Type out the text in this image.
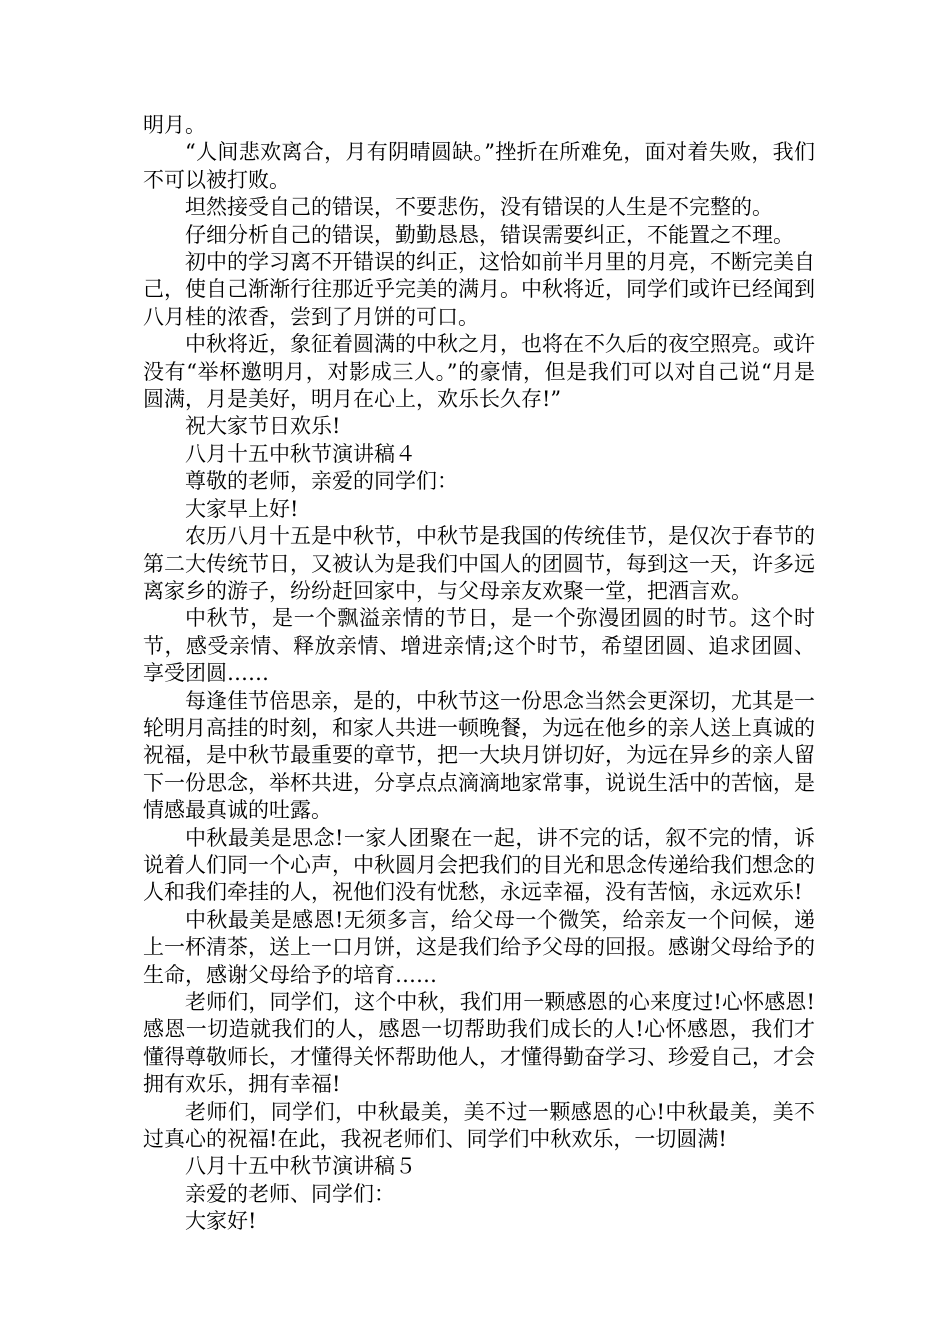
明月。

“人间悲欢离合，月有阴晴圆缺。”挫折在所难免，面对着失败，我们不可以被打败。

坦然接受自己的错误，不要悲伤，没有错误的人生是不完整的。

仔细分析自己的错误，勤勤恳恳，错误需要纠正，不能置之不理。

初中的学习离不开错误的纠正，这恰如前半月里的月亮，不断完美自己，使自己渐渐行往那近乎完美的满月。中秋将近，同学们或许已经闻到八月桂的浓香，尝到了月饼的可口。

中秋将近，象征着圆满的中秋之月，也将在不久后的夜空照亮。或许没有“举杯邀明月，对影成三人。”的豪情，但是我们可以对自己说“月是圆满，月是美好，明月在心上，欢乐长久存!”

祝大家节日欢乐!

八月十五中秋节演讲稿４

尊敬的老师，亲爱的同学们：

大家早上好!

农历八月十五是中秋节，中秋节是我国的传统佳节，是仅次于春节的第二大传统节日，又被认为是我们中国人的团圆节，每到这一天，许多远离家乡的游子，纷纷赶回家中，与父母亲友欢聚一堂，把酒言欢。

中秋节，是一个飘溢亲情的节日，是一个弥漫团圆的时节。这个时节，感受亲情、释放亲情、增进亲情;这个时节，希望团圆、追求团圆、享受团圆……

每逢佳节倍思亲，是的，中秋节这一份思念当然会更深切，尤其是一轮明月高挂的时刻，和家人共进一顿晚餐，为远在他乡的亲人送上真诚的祝福，是中秋节最重要的章节，把一大块月饼切好，为远在异乡的亲人留下一份思念，举杯共进，分享点点滴滴地家常事，说说生活中的苦恼，是情感最真诚的吐露。

中秋最美是思念!一家人团聚在一起，讲不完的话，叙不完的情，诉说着人们同一个心声，中秋圆月会把我们的目光和思念传递给我们想念的人和我们牵挂的人，祝他们没有忧愁，永远幸福，没有苦恼，永远欢乐!

中秋最美是感恩!无须多言，给父母一个微笑，给亲友一个问候，递上一杯清茶，送上一口月饼，这是我们给予父母的回报。感谢父母给予的生命，感谢父母给予的培育……

老师们，同学们，这个中秋，我们用一颗感恩的心来度过!心怀感恩!感恩一切造就我们的人，感恩一切帮助我们成长的人!心怀感恩，我们才懂得尊敬师长，才懂得关怀帮助他人，才懂得勤奋学习、珍爱自己，才会拥有欢乐，拥有幸福!

老师们，同学们，中秋最美，美不过一颗感恩的心!中秋最美，美不过真心的祝福!在此，我祝老师们、同学们中秋欢乐，一切圆满!

八月十五中秋节演讲稿５

亲爱的老师、同学们：

大家好!
